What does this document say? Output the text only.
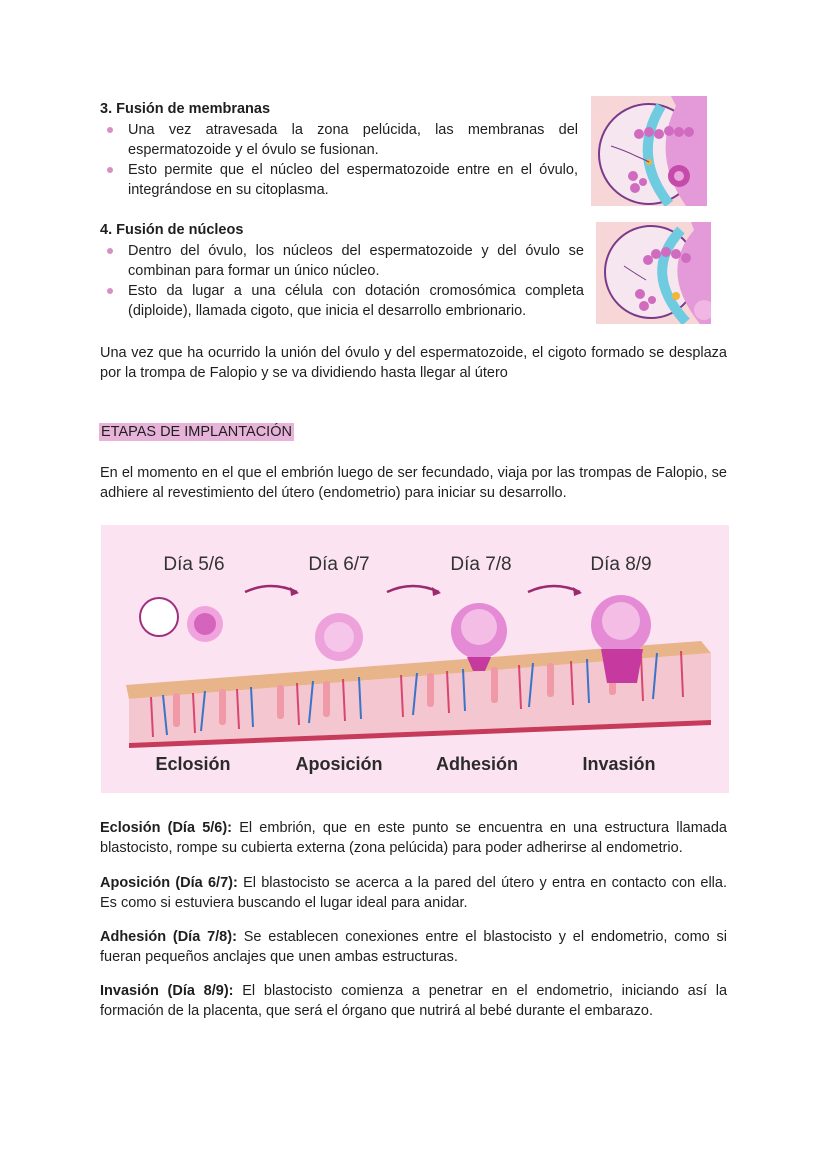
3. Fusión de membranas
Una vez atravesada la zona pelúcida, las membranas del espermatozoide y el óvulo se fusionan.
Esto permite que el núcleo del espermatozoide entre en el óvulo, integrándose en su citoplasma.
4. Fusión de núcleos
Dentro del óvulo, los núcleos del espermatozoide y del óvulo se combinan para formar un único núcleo.
Esto da lugar a una célula con dotación cromosómica completa (diploide), llamada cigoto, que inicia el desarrollo embrionario.
Una vez que ha ocurrido la unión del óvulo y del espermatozoide, el cigoto formado se desplaza por la trompa de Falopio y se va dividiendo hasta llegar al útero
ETAPAS DE IMPLANTACIÓN
En el momento en el que el embrión luego de ser fecundado, viaja por las trompas de Falopio, se adhiere al revestimiento del útero (endometrio) para iniciar su desarrollo.
Día 5/6	Día 6/7	Día 7/8	Día 8/9
Eclosión	Aposición	Adhesión	Invasión
Eclosión (Día 5/6): El embrión, que en este punto se encuentra en una estructura llamada blastocisto, rompe su cubierta externa (zona pelúcida) para poder adherirse al endometrio.
Aposición (Día 6/7): El blastocisto se acerca a la pared del útero y entra en contacto con ella. Es como si estuviera buscando el lugar ideal para anidar.
Adhesión (Día 7/8): Se establecen conexiones entre el blastocisto y el endometrio, como si fueran pequeños anclajes que unen ambas estructuras.
Invasión (Día 8/9): El blastocisto comienza a penetrar en el endometrio, iniciando así la formación de la placenta, que será el órgano que nutrirá al bebé durante el embarazo.
